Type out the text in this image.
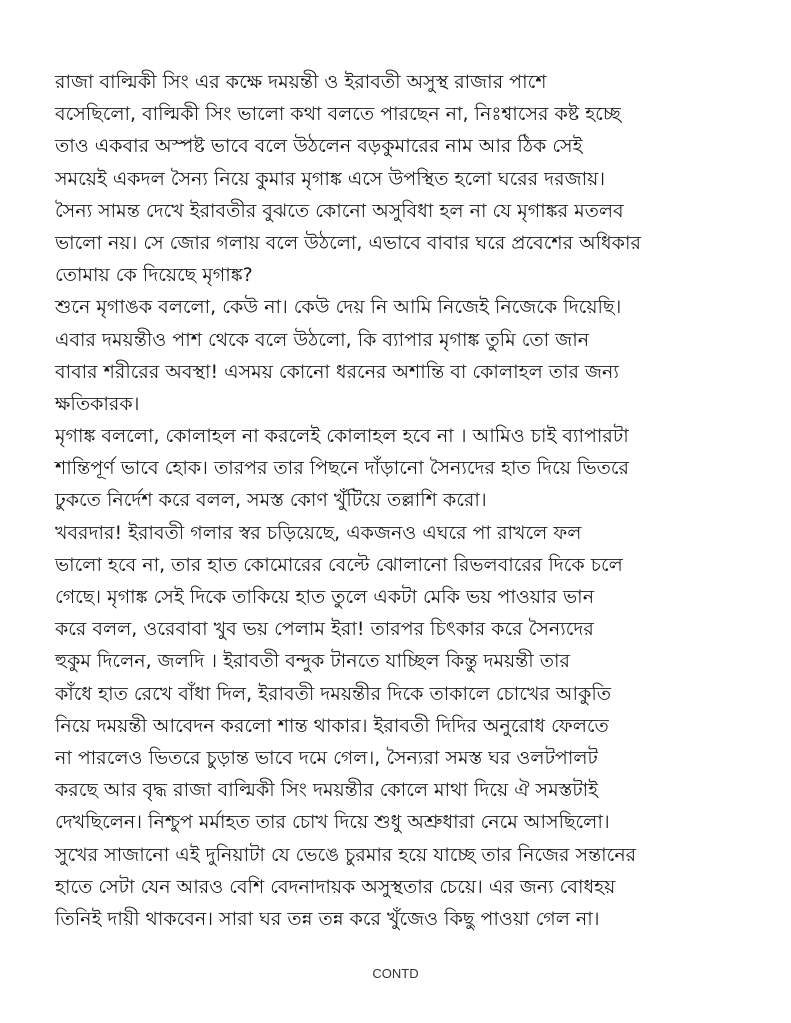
রাজা বাল্মিকী সিং এর কক্ষে দময়ন্তী ও ইরাবতী অসুস্থ রাজার পাশে
বসেছিলো, বাল্মিকী সিং ভালো কথা বলতে পারছেন না, নিঃশ্বাসের কষ্ট হচ্ছে
তাও একবার অস্পষ্ট ভাবে বলে উঠলেন বড়কুমারের নাম আর ঠিক সেই
সময়েই একদল সৈন্য নিয়ে কুমার মৃগাঙ্ক এসে উপস্থিত হলো ঘরের দরজায়।
সৈন্য সামন্ত দেখে ইরাবতীর বুঝতে কোনো অসুবিধা হল না যে মৃগাঙ্কর মতলব
ভালো নয়। সে জোর গলায় বলে উঠলো, এভাবে বাবার ঘরে প্রবেশের অধিকার
তোমায় কে দিয়েছে মৃগাঙ্ক?
শুনে মৃগাঙক বললো, কেউ না। কেউ দেয় নি আমি নিজেই নিজেকে দিয়েছি।
এবার দময়ন্তীও পাশ থেকে বলে উঠলো, কি ব্যাপার মৃগাঙ্ক তুমি তো জান
বাবার শরীরের অবস্থা! এসময় কোনো ধরনের অশান্তি বা কোলাহল তার জন্য
ক্ষতিকারক।
মৃগাঙ্ক বললো, কোলাহল না করলেই কোলাহল হবে না । আমিও চাই ব্যাপারটা
শান্তিপূর্ণ ভাবে হোক। তারপর তার পিছনে দাঁড়ানো সৈন্যদের হাত দিয়ে ভিতরে
ঢুকতে নির্দেশ করে বলল, সমস্ত কোণ খুঁটিয়ে তল্লাশি করো।
খবরদার! ইরাবতী গলার স্বর চড়িয়েছে, একজনও এঘরে পা রাখলে ফল
ভালো হবে না, তার হাত কোমোরের বেল্টে ঝোলানো রিভলবারের দিকে চলে
গেছে। মৃগাঙ্ক সেই দিকে তাকিয়ে হাত তুলে একটা মেকি ভয় পাওয়ার ভান
করে বলল, ওরেবাবা খুব ভয় পেলাম ইরা! তারপর চিৎকার করে সৈন্যদের
হুকুম দিলেন, জলদি । ইরাবতী বন্দুক টানতে যাচ্ছিল কিন্তু দময়ন্তী তার
কাঁধে হাত রেখে বাঁধা দিল, ইরাবতী দময়ন্তীর দিকে তাকালে চোখের আকুতি
নিয়ে দময়ন্তী আবেদন করলো শান্ত থাকার। ইরাবতী দিদির অনুরোধ ফেলতে
না পারলেও ভিতরে চুড়ান্ত ভাবে দমে গেল।, সৈন্যরা সমস্ত ঘর ওলটপালট
করছে আর বৃদ্ধ রাজা বাল্মিকী সিং দময়ন্তীর কোলে মাথা দিয়ে ঐ সমস্তটাই
দেখছিলেন। নিশ্চুপ মর্মাহত তার চোখ দিয়ে শুধু অশ্রুধারা নেমে আসছিলো।
সুখের সাজানো এই দুনিয়াটা যে ভেঙে চুরমার হয়ে যাচ্ছে তার নিজের সন্তানের
হাতে সেটা যেন আরও বেশি বেদনাদায়ক অসুস্থতার চেয়ে। এর জন্য বোধহয়
তিনিই দায়ী থাকবেন। সারা ঘর তন্ন তন্ন করে খুঁজেও কিছু পাওয়া গেল না।
CONTD
